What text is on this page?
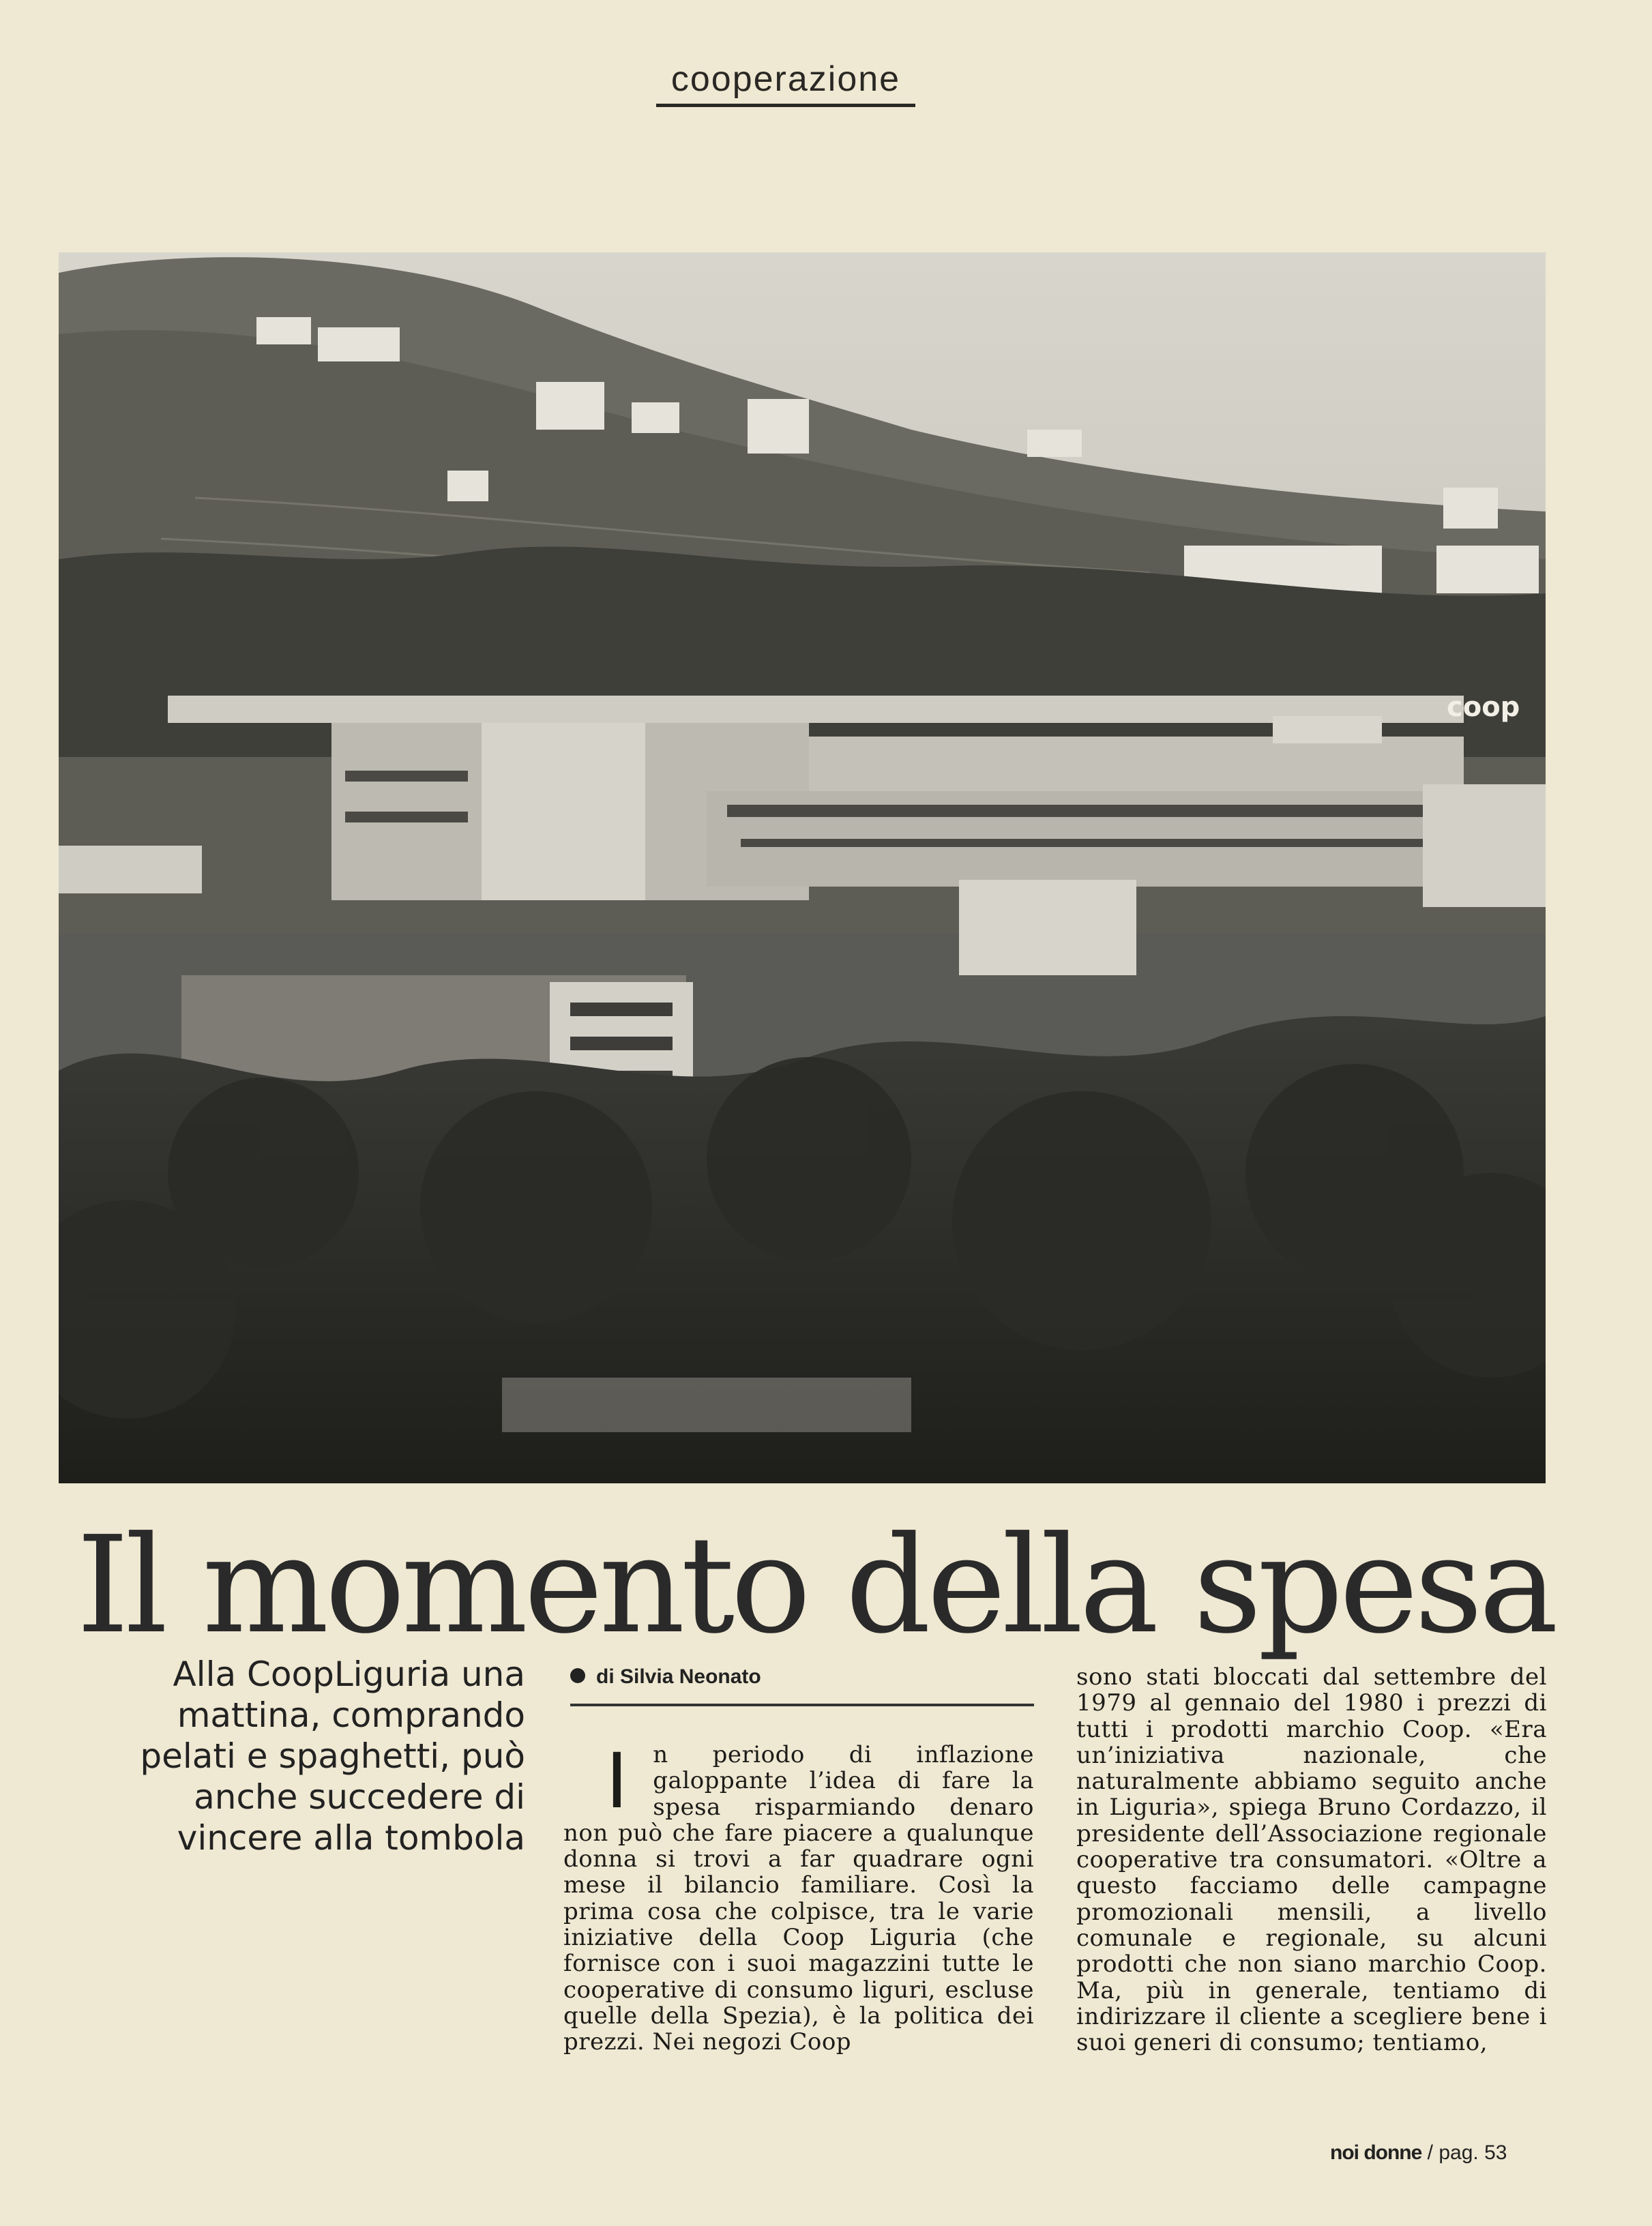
cooperazione
coop
Il momento della spesa
Alla CoopLiguria una mattina, comprando pelati e spaghetti, può anche succedere di vincere alla tombola
di Silvia Neonato
I n periodo di inflazione galoppante l’idea di fare la spesa risparmiando denaro non può che fare piacere a qualunque donna si trovi a far quadrare ogni mese il bilancio familiare. Così la prima cosa che colpisce, tra le varie iniziative della Coop Liguria (che fornisce con i suoi magazzini tutte le cooperative di consumo liguri, escluse quelle della Spezia), è la politica dei prezzi. Nei negozi Coop

sono stati bloccati dal settembre del 1979 al gennaio del 1980 i prezzi di tutti i prodotti marchio Coop. «Era un’iniziativa nazionale, che naturalmente abbiamo seguito anche in Liguria», spiega Bruno Cordazzo, il presidente dell’Associazione regionale cooperative tra consumatori. «Oltre a questo facciamo delle campagne promozionali mensili, a livello comunale e regionale, su alcuni prodotti che non siano marchio Coop. Ma, più in generale, tentiamo di indirizzare il cliente a scegliere bene i suoi generi di consumo; tentiamo,

noi donne / pag. 53
